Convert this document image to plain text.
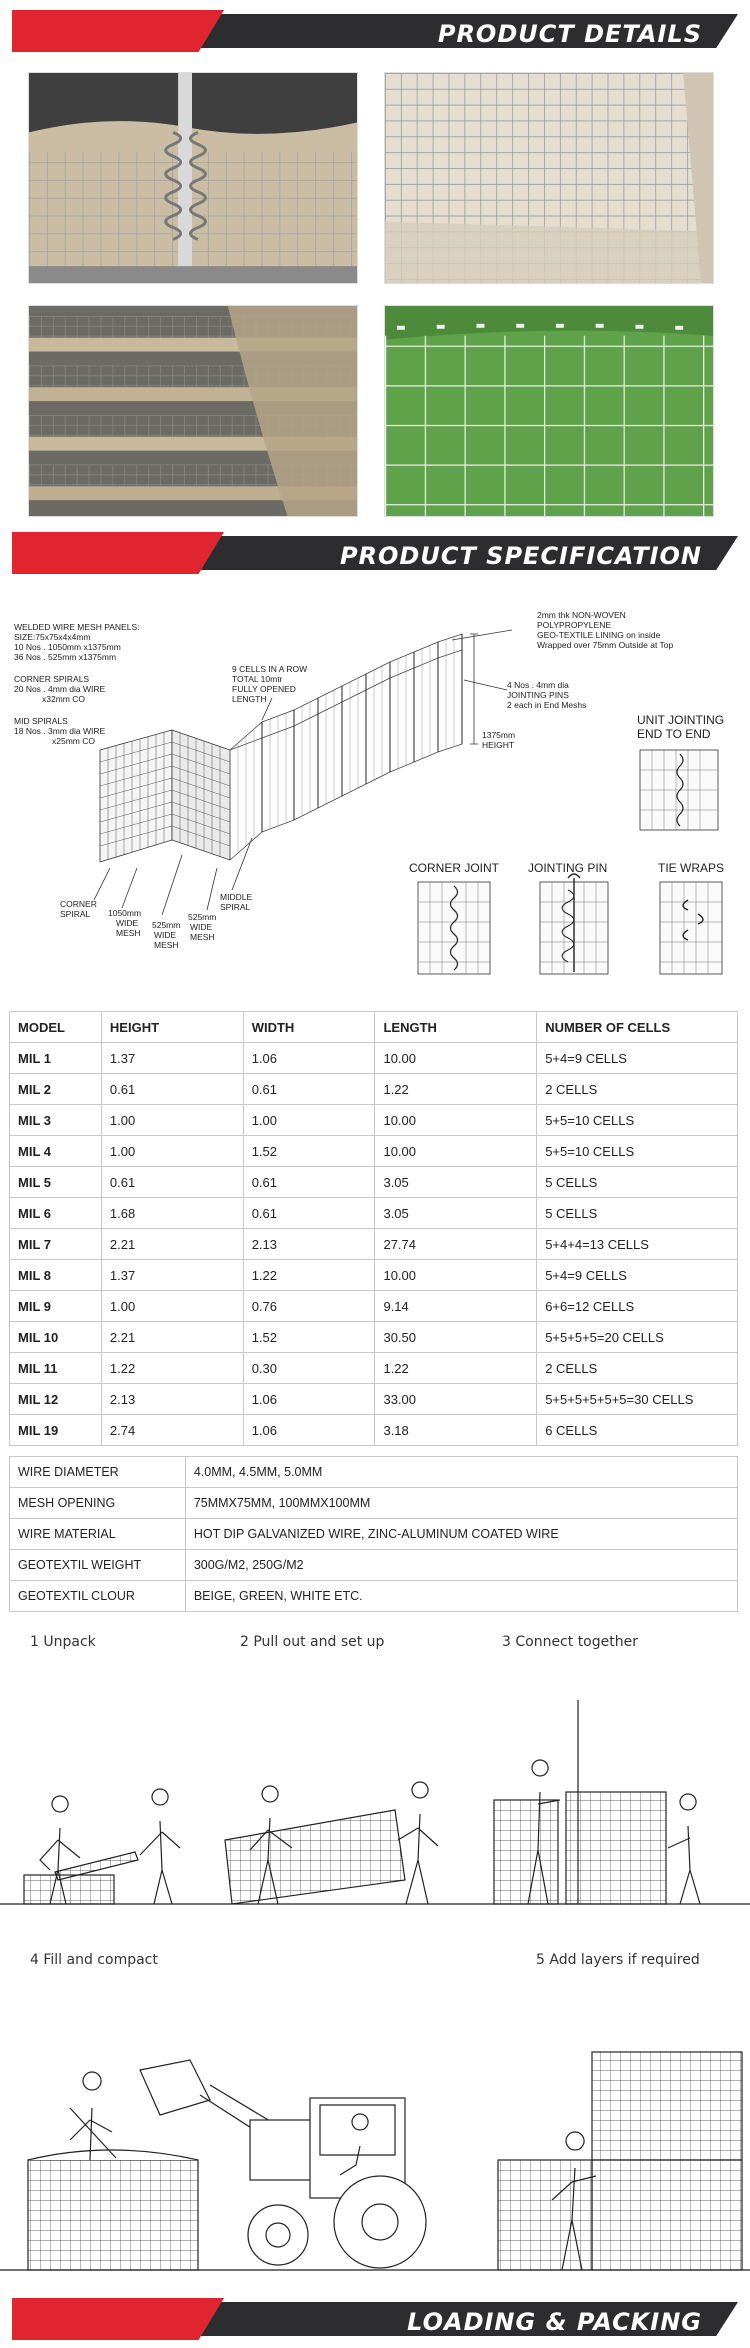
PRODUCT DETAILS
PRODUCT SPECIFICATION
WELDED WIRE MESH PANELS:
SIZE:75x75x4x4mm
10 Nos . 1050mm x1375mm
36 Nos . 525mm x1375mm
CORNER SPIRALS
20 Nos . 4mm dia WIRE
x32mm CO
MID SPIRALS
18 Nos . 3mm dia WIRE
x25mm CO
9 CELLS IN A ROW
TOTAL 10mtr
FULLY OPENED
LENGTH
2mm thk NON-WOVEN
POLYPROPYLENE
GEO-TEXTILE LINING on inside
Wrapped over 75mm Outside at Top
4 Nos . 4mm dia
JOINTING PINS
2 each in End Meshs
1375mm
HEIGHT
CORNER
SPIRAL 1050mm
WIDE
MESH
525mm
WIDE
MESH
525mm
WIDE
MESH
MIDDLE
SPIRAL
UNIT JOINTING
END TO END
CORNER JOINT JOINTING PIN	TIE WRAPS
MODEL	HEIGHT	WIDTH	LENGTH	NUMBER OF CELLS
MIL 1	1.37	1.06	10.00	5+4=9 CELLS
MIL 2	0.61	0.61	1.22	2 CELLS
MIL 3	1.00	1.00	10.00	5+5=10 CELLS
MIL 4	1.00	1.52	10.00	5+5=10 CELLS
MIL 5	0.61	0.61	3.05	5 CELLS
MIL 6	1.68	0.61	3.05	5 CELLS
MIL 7	2.21	2.13	27.74	5+4+4=13 CELLS
MIL 8	1.37	1.22	10.00	5+4=9 CELLS
MIL 9	1.00	0.76	9.14	6+6=12 CELLS
MIL 10	2.21	1.52	30.50	5+5+5+5=20 CELLS
MIL 11	1.22	0.30	1.22	2 CELLS
MIL 12	2.13	1.06	33.00	5+5+5+5+5+5=30 CELLS
MIL 19	2.74	1.06	3.18	6 CELLS
WIRE DIAMETER	4.0MM, 4.5MM, 5.0MM
MESH OPENING	75MMX75MM, 100MMX100MM
WIRE MATERIAL	HOT DIP GALVANIZED WIRE, ZINC-ALUMINUM COATED WIRE
GEOTEXTIL WEIGHT	300G/M2, 250G/M2
GEOTEXTIL CLOUR	BEIGE, GREEN, WHITE ETC.
1 Unpack	2 Pull out and set up	3 Connect together
4 Fill and compact	5 Add layers if required
LOADING & PACKING
